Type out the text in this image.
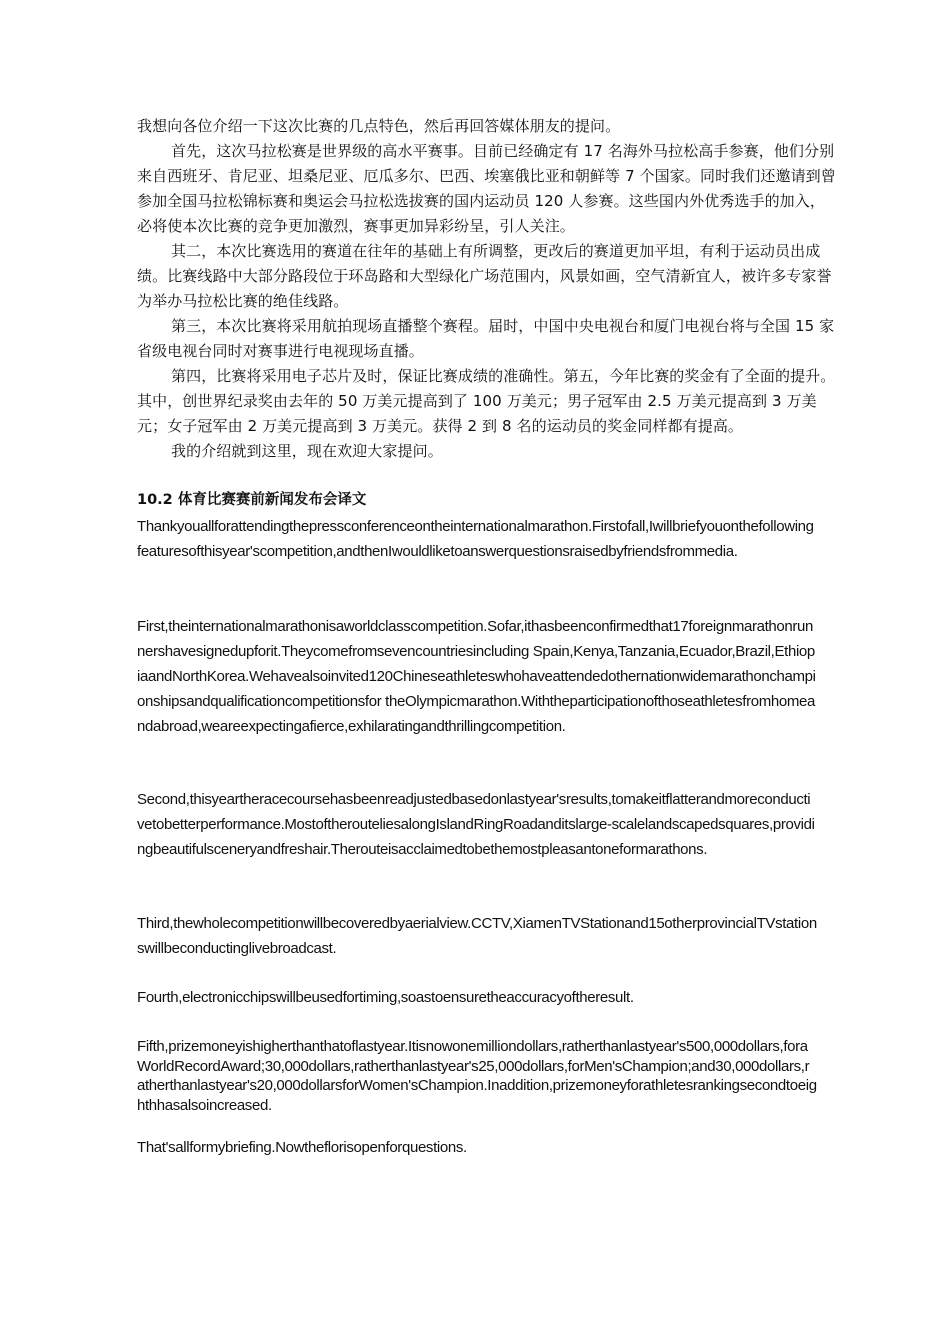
我想向各位介绍一下这次比赛的几点特色，然后再回答媒体朋友的提问。

首先，这次马拉松赛是世界级的高水平赛事。目前已经确定有 17 名海外马拉松高手参赛，他们分别来自西班牙、肯尼亚、坦桑尼亚、厄瓜多尔、巴西、埃塞俄比亚和朝鲜等 7 个国家。同时我们还邀请到曾参加全国马拉松锦标赛和奥运会马拉松选拔赛的国内运动员 120 人参赛。这些国内外优秀选手的加入，必将使本次比赛的竞争更加激烈，赛事更加异彩纷呈，引人关注。

其二，本次比赛选用的赛道在往年的基础上有所调整，更改后的赛道更加平坦，有利于运动员出成绩。比赛线路中大部分路段位于环岛路和大型绿化广场范围内，风景如画，空气清新宜人，被许多专家誉为举办马拉松比赛的绝佳线路。

第三，本次比赛将采用航拍现场直播整个赛程。届时，中国中央电视台和厦门电视台将与全国 15 家省级电视台同时对赛事进行电视现场直播。

第四，比赛将采用电子芯片及时，保证比赛成绩的准确性。第五，今年比赛的奖金有了全面的提升。其中，创世界纪录奖由去年的 50 万美元提高到了 100 万美元；男子冠军由 2.5 万美元提高到 3 万美元；女子冠军由 2 万美元提高到 3 万美元。获得 2 到 8 名的运动员的奖金同样都有提高。

我的介绍就到这里，现在欢迎大家提问。

10.2 体育比赛赛前新闻发布会译文
Thankyouallforattendingthepressconferenceontheinternationalmarathon.Firstofall,Iwillbriefyouonthefollowingfeaturesofthisyear'scompetition,andthenIwouldliketoanswerquestionsraisedbyfriendsfrommedia.
First,theinternationalmarathonisaworldclasscompetition.Sofar,ithasbeenconfirmedthat17foreignmarathonrunnershavesignedupforit.Theycomefromsevencountriesincluding Spain,Kenya,Tanzania,Ecuador,Brazil,EthiopiaandNorthKorea.Wehavealsoinvited120Chineseathleteswhohaveattendedothernationwidemarathonchampionshipsandqualificationcompetitionsfor theOlympicmarathon.Withtheparticipationofthoseathletesfromhomeandabroad,weareexpectingafierce,exhilaratingandthrillingcompetition.
Second,thisyeartheracecoursehasbeenreadjustedbasedonlastyear'sresults,tomakeitflatterandmoreconductivetobetterperformance.MostoftherouteliesalongIslandRingRoadanditslarge-scalelandscapedsquares,providingbeautifulsceneryandfreshair.Therouteisacclaimedtobethemostpleasantoneformarathons.
Third,thewholecompetitionwillbecoveredbyaerialview.CCTV,XiamenTVStationand15otherprovincialTVstationswillbeconductinglivebroadcast.
Fourth,electronicchipswillbeusedfortiming,soastoensuretheaccuracyoftheresult.
Fifth,prizemoneyishigherthanthatoflastyear.Itisnowonemilliondollars,ratherthanlastyear's500,000dollars,foraWorldRecordAward;30,000dollars,ratherthanlastyear's25,000dollars,forMen'sChampion;and30,000dollars,ratherthanlastyear's20,000dollarsforWomen'sChampion.Inaddition,prizemoneyforathletesrankingsecondtoeighthhasalsoincreased.
That'sallformybriefing.Nowtheflorisopenforquestions.
